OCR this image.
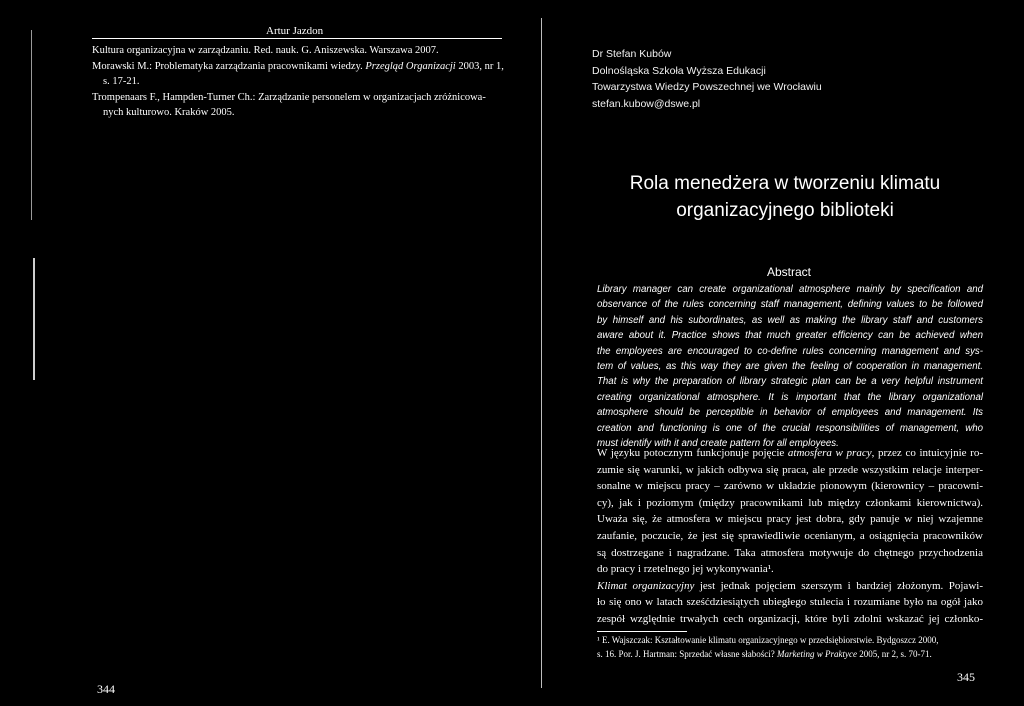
Artur Jazdon

Kultura organizacyjna w zarządzaniu. Red. nauk. G. Aniszewska. Warszawa 2007.

Morawski M.: Problematyka zarządzania pracownikami wiedzy. Przegląd Organizacji 2003, nr 1,

s. 17-21.

Trompenaars F., Hampden-Turner Ch.: Zarządzanie personelem w organizacjach zróżnicowa-

nych kulturowo. Kraków 2005.

344
Dr Stefan Kubów
Dolnośląska Szkoła Wyższa Edukacji
Towarzystwa Wiedzy Powszechnej we Wrocławiu
stefan.kubow@dswe.pl
Rola menedżera w tworzeniu klimatu
organizacyjnego biblioteki
Abstract
Library manager can create organizational atmosphere mainly by specification and
observance of the rules concerning staff management, defining values to be followed
by himself and his subordinates, as well as making the library staff and customers
aware about it. Practice shows that much greater efficiency can be achieved when
the employees are encouraged to co-define rules concerning management and sys-
tem of values, as this way they are given the feeling of cooperation in management.
That is why the preparation of library strategic plan can be a very helpful instrument
creating organizational atmosphere. It is important that the library organizational
atmosphere should be perceptible in behavior of employees and management. Its
creation and functioning is one of the crucial responsibilities of management, who
must identify with it and create pattern for all employees.
W języku potocznym funkcjonuje pojęcie atmosfera w pracy, przez co intuicyjnie ro-
zumie się warunki, w jakich odbywa się praca, ale przede wszystkim relacje interper-
sonalne w miejscu pracy – zarówno w układzie pionowym (kierownicy – pracowni-
cy), jak i poziomym (między pracownikami lub między członkami kierownictwa).
Uważa się, że atmosfera w miejscu pracy jest dobra, gdy panuje w niej wzajemne
zaufanie, poczucie, że jest się sprawiedliwie ocenianym, a osiągnięcia pracowników
są dostrzegane i nagradzane. Taka atmosfera motywuje do chętnego przychodzenia
do pracy i rzetelnego jej wykonywania¹.
Klimat organizacyjny jest jednak pojęciem szerszym i bardziej złożonym. Pojawi-
ło się ono w latach sześćdziesiątych ubiegłego stulecia i rozumiane było na ogół jako
zespół względnie trwałych cech organizacji, które byli zdolni wskazać jej członko-
¹ E. Wajszczak: Kształtowanie klimatu organizacyjnego w przedsiębiorstwie. Bydgoszcz 2000,
s. 16. Por. J. Hartman: Sprzedać własne słabości? Marketing w Praktyce 2005, nr 2, s. 70-71.
345
